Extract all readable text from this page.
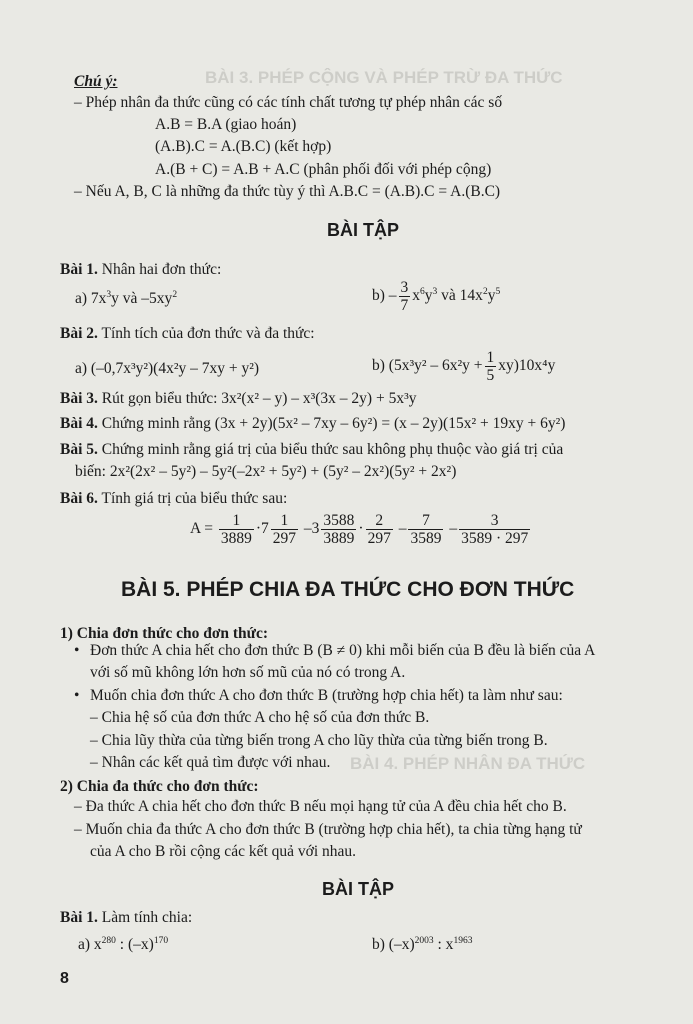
BÀI 3. PHÉP CỘNG VÀ PHÉP TRỪ ĐA THỨC
BÀI 4. PHÉP NHÂN ĐA THỨC
Chú ý:
– Phép nhân đa thức cũng có các tính chất tương tự phép nhân các số
A.B = B.A (giao hoán)
(A.B).C = A.(B.C) (kết hợp)
A.(B + C) = A.B + A.C (phân phối đối với phép cộng)
– Nếu A, B, C là những đa thức tùy ý thì A.B.C = (A.B).C = A.(B.C)
BÀI TẬP
Bài 1. Nhân hai đơn thức:
a) $7x^3y$ và $-5xy^2$	$b) - \frac{3}{7} x^6y^3$ và $14x^2y^5$
Bài 2. Tính tích của đơn thức và đa thức:
a) (–0,7x³y²)(4x²y – 7xy + y²)	b) $(5x^3y^2 - 6x^2y + \frac{1}{5} xy)10x^4y$
Bài 3. Rút gọn biểu thức: 3x²(x² – y) – x³(3x – 2y) + 5x³y
Bài 4. Chứng minh rằng (3x + 2y)(5x² – 7xy – 6y²) = (x – 2y)(15x² + 19xy + 6y²)
Bài 5. Chứng minh rằng giá trị của biểu thức sau không phụ thuộc vào giá trị của
biến: 2x²(2x² – 5y²) – 5y²(–2x² + 5y²) + (5y² – 2x²)(5y² + 2x²)
Bài 6. Tính giá trị của biểu thức sau:
$A = \frac{1}{3889} \cdot 7 \frac{1}{297} -3 \frac{3588}{3889} \cdot \frac{2}{297} - \frac{7}{3589} - \frac{3}{3589 \cdot 297}$
BÀI 5. PHÉP CHIA ĐA THỨC CHO ĐƠN THỨC
1) Chia đơn thức cho đơn thức:
• Đơn thức A chia hết cho đơn thức B (B ≠ 0) khi mỗi biến của B đều là biến của A
với số mũ không lớn hơn số mũ của nó có trong A.
• Muốn chia đơn thức A cho đơn thức B (trường hợp chia hết) ta làm như sau:
– Chia hệ số của đơn thức A cho hệ số của đơn thức B.
– Chia lũy thừa của từng biến trong A cho lũy thừa của từng biến trong B.
– Nhân các kết quả tìm được với nhau.
2) Chia đa thức cho đơn thức:
– Đa thức A chia hết cho đơn thức B nếu mọi hạng tử của A đều chia hết cho B.
– Muốn chia đa thức A cho đơn thức B (trường hợp chia hết), ta chia từng hạng tử
của A cho B rồi cộng các kết quả với nhau.
BÀI TẬP
Bài 1. Làm tính chia:
a) $x^{280}$ : $(-x)^{170}$	b) $(-x)^{2003}$ : $x^{1963}$
8
